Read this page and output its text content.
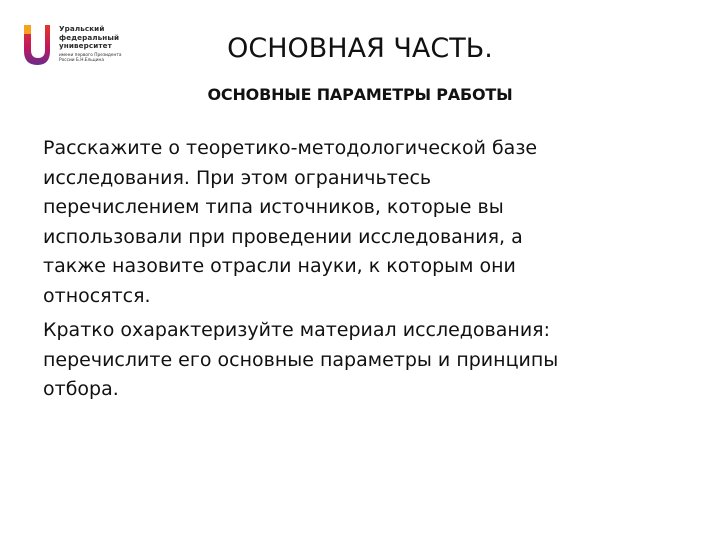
Уральский
федеральный
университет
имени первого Президента
России Б.Н.Ельцина	ОСНОВНАЯ ЧАСТЬ.
ОСНОВНЫЕ ПАРАМЕТРЫ РАБОТЫ
Расскажите о теоретико-методологической базе
исследования. При этом ограничьтесь
перечислением типа источников, которые вы
использовали при проведении исследования, а
также назовите отрасли науки, к которым они
относятся.
Кратко охарактеризуйте материал исследования:
перечислите его основные параметры и принципы
отбора.
